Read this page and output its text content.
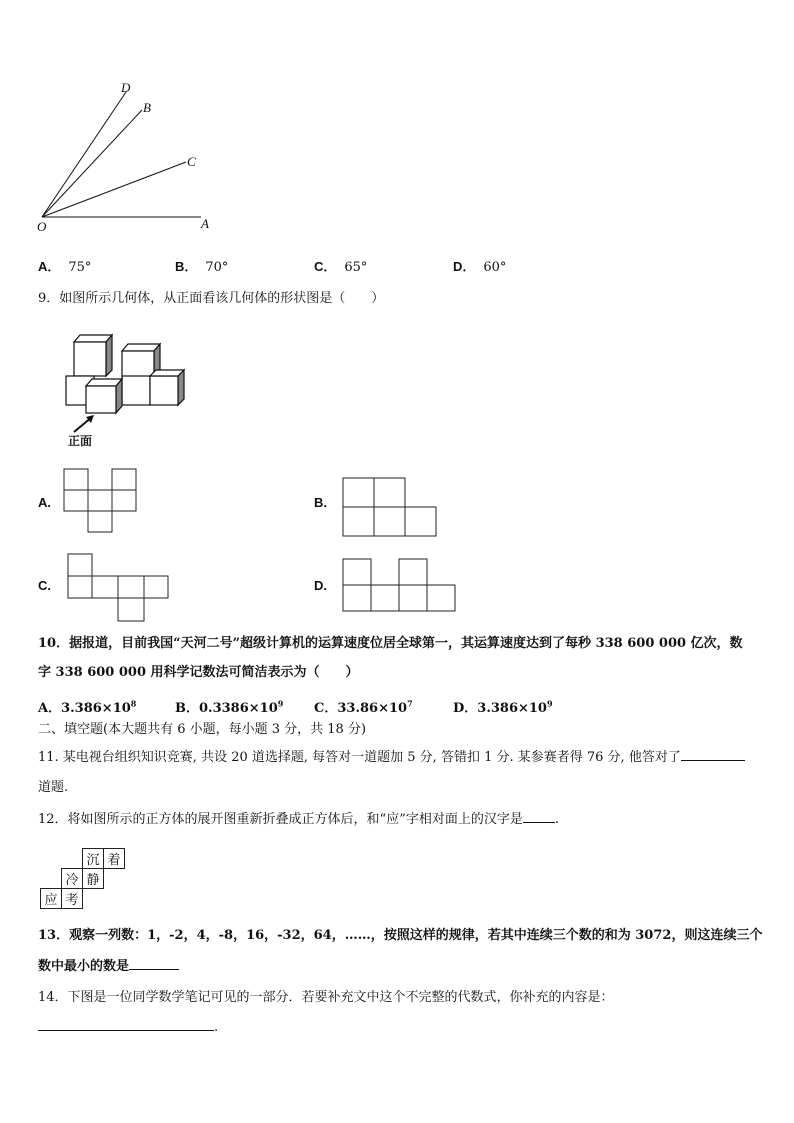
D
B
C
O	A
A． 75°	B． 70°	C． 65°	D． 60°
9．如图所示几何体，从正面看该几何体的形状图是（　　）
正面
A.	B.
C.	D.
10．据报道，目前我国“天河二号”超级计算机的运算速度位居全球第一，其运算速度达到了每秒 338 600 000 亿次，数
字 338 600 000 用科学记数法可简洁表示为（　　）
A．$3.386\times 10^8$	B．$0.3386\times 10^9$ C．$33.86\times 10^7$	D．$3.386\times 10^9$
二、填空题(本大题共有 6 小题，每小题 3 分，共 18 分)
11. 某电视台组织知识竞赛, 共设 20 道选择题, 每答对一道题加 5 分, 答错扣 1 分. 某参赛者得 76 分, 他答对了
道题.
12．将如图所示的正方体的展开图重新折叠成正方体后，和“应”字相对面上的汉字是 .
		沉	着
	冷	静	
应	考		
13．观察一列数：1，-2，4，-8，16，-32，64，……，按照这样的规律，若其中连续三个数的和为 3072，则这连续三个
数中最小的数是
14．下图是一位同学数学笔记可见的一部分．若要补充文中这个不完整的代数式，你补充的内容是：
.
